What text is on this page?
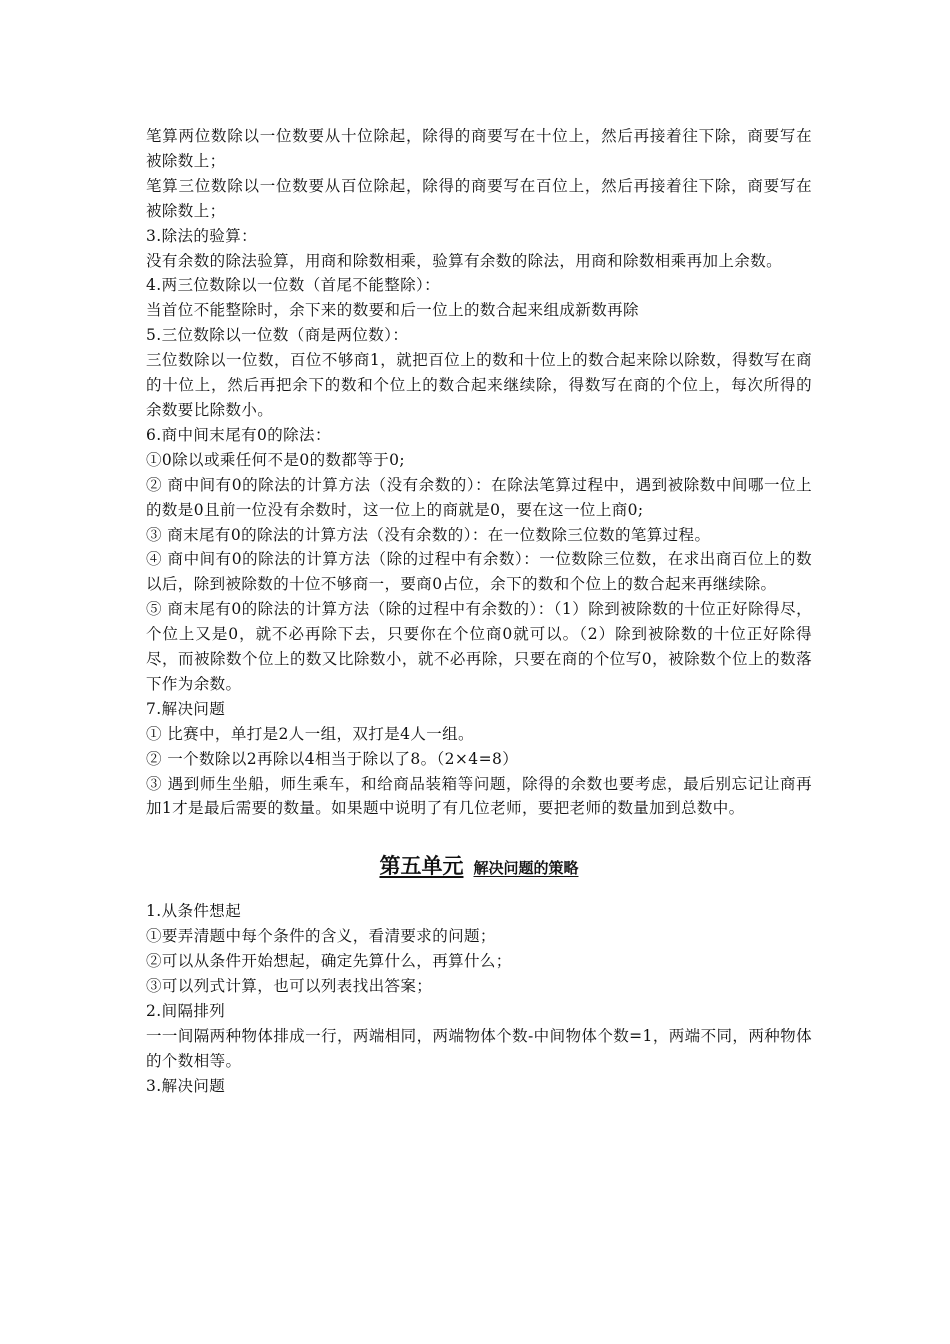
笔算两位数除以一位数要从十位除起，除得的商要写在十位上，然后再接着往下除，商要写在被除数上；

笔算三位数除以一位数要从百位除起，除得的商要写在百位上，然后再接着往下除，商要写在被除数上；

3.除法的验算：

没有余数的除法验算，用商和除数相乘，验算有余数的除法，用商和除数相乘再加上余数。

4.两三位数除以一位数（首尾不能整除）：

当首位不能整除时，余下来的数要和后一位上的数合起来组成新数再除

5.三位数除以一位数（商是两位数）：

三位数除以一位数，百位不够商1，就把百位上的数和十位上的数合起来除以除数，得数写在商的十位上，然后再把余下的数和个位上的数合起来继续除，得数写在商的个位上，每次所得的余数要比除数小。

6.商中间末尾有0的除法：

①0除以或乘任何不是0的数都等于0;

② 商中间有0的除法的计算方法（没有余数的）：在除法笔算过程中，遇到被除数中间哪一位上的数是0且前一位没有余数时，这一位上的商就是0，要在这一位上商0;

③ 商末尾有0的除法的计算方法（没有余数的）：在一位数除三位数的笔算过程。

④ 商中间有0的除法的计算方法（除的过程中有余数）：一位数除三位数，在求出商百位上的数以后，除到被除数的十位不够商一，要商0占位，余下的数和个位上的数合起来再继续除。

⑤ 商末尾有0的除法的计算方法（除的过程中有余数的）：（1）除到被除数的十位正好除得尽，个位上又是0，就不必再除下去，只要你在个位商0就可以。（2）除到被除数的十位正好除得尽，而被除数个位上的数又比除数小，就不必再除，只要在商的个位写0，被除数个位上的数落下作为余数。

7.解决问题

① 比赛中，单打是2人一组，双打是4人一组。

② 一个数除以2再除以4相当于除以了8。（2×4=8）

③ 遇到师生坐船，师生乘车，和给商品装箱等问题，除得的余数也要考虑，最后别忘记让商再加1才是最后需要的数量。如果题中说明了有几位老师，要把老师的数量加到总数中。

第五单元 解决问题的策略

1.从条件想起

①要弄清题中每个条件的含义，看清要求的问题；

②可以从条件开始想起，确定先算什么，再算什么；

③可以列式计算，也可以列表找出答案；

2.间隔排列

一一间隔两种物体排成一行，两端相同，两端物体个数-中间物体个数=1，两端不同，两种物体的个数相等。

3.解决问题
